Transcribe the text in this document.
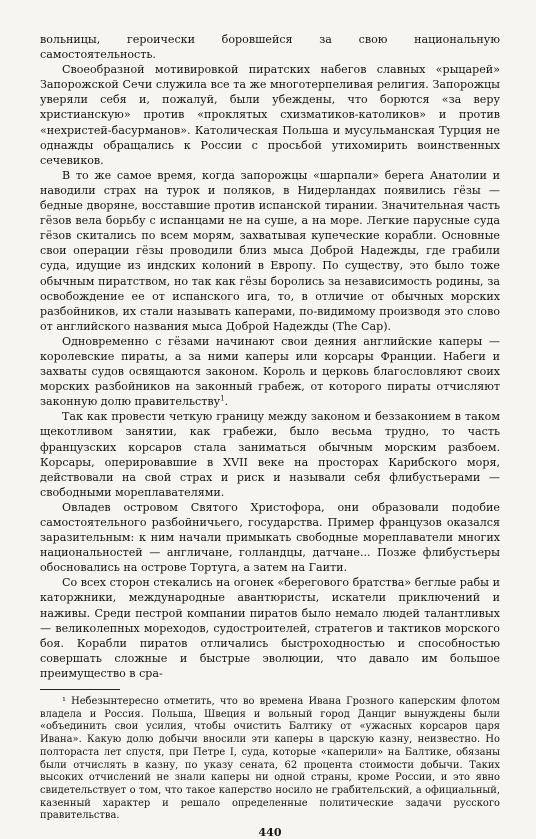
вольницы, героически боровшейся за свою национальную самостоятельность.

Своеобразной мотивировкой пиратских набегов славных «рыцарей» Запорожской Сечи служила все та же многотерпеливая религия. Запорожцы уверяли себя и, пожалуй, были убеждены, что борются «за веру христианскую» против «проклятых схизматиков-католиков» и против «нехристей-басурманов». Католическая Польша и мусульманская Турция не однажды обращались к России с просьбой утихомирить воинственных сечевиков.

В то же самое время, когда запорожцы «шарпали» берега Анатолии и наводили страх на турок и поляков, в Нидерландах появились гёзы — бедные дворяне, восставшие против испанской тирании. Значительная часть гёзов вела борьбу с испанцами не на суше, а на море. Легкие парусные суда гёзов скитались по всем морям, захватывая купеческие корабли. Основные свои операции гёзы проводили близ мыса Доброй Надежды, где грабили суда, идущие из индских колоний в Европу. По существу, это было тоже обычным пиратством, но так как гёзы боролись за независимость родины, за освобождение ее от испанского ига, то, в отличие от обычных морских разбойников, их стали называть каперами, по-видимому производя это слово от английского названия мыса Доброй Надежды (The Cap).

Одновременно с гёзами начинают свои деяния английские каперы — королевские пираты, а за ними каперы или корсары Франции. Набеги и захваты судов освящаются законом. Король и церковь благословляют своих морских разбойников на законный грабеж, от которого пираты отчисляют законную долю правительству$^1$.

Так как провести четкую границу между законом и беззаконием в таком щекотливом занятии, как грабежи, было весьма трудно, то часть французских корсаров стала заниматься обычным морским разбоем. Корсары, оперировавшие в XVII веке на просторах Карибского моря, действовали на свой страх и риск и называли себя флибустьерами — свободными мореплавателями.

Овладев островом Святого Христофора, они образовали подобие самостоятельного разбойничьего, государства. Пример французов оказался заразительным: к ним начали примыкать свободные мореплаватели многих национальностей — англичане, голландцы, датчане... Позже флибустьеры обосновались на острове Тортуга, а затем на Гаити.

Со всех сторон стекались на огонек «берегового братства» беглые рабы и каторжники, международные авантюристы, искатели приключений и наживы. Среди пестрой компании пиратов было немало людей талантливых — великолепных мореходов, судостроителей, стратегов и тактиков морского боя. Корабли пиратов отличались быстроходностью и способностью совершать сложные и быстрые эволюции, что давало им большое преимущество в сра-

¹ Небезынтересно отметить, что во времена Ивана Грозного каперским флотом владела и Россия. Польша, Швеция и вольный город Данциг вынуждены были «объединить свои усилия, чтобы очистить Балтику от «ужасных корсаров царя Ивана». Какую долю добычи вносили эти каперы в царскую казну, неизвестно. Но полтораста лет спустя, при Петре I, суда, которые «каперили» на Балтике, обязаны были отчислять в казну, по указу сената, 62 процента стоимости добычи. Таких высоких отчислений не знали каперы ни одной страны, кроме России, и это явно свидетельствует о том, что такое каперство носило не грабительский, а официальный, казенный характер и решало определенные политические задачи русского правительства.

440
